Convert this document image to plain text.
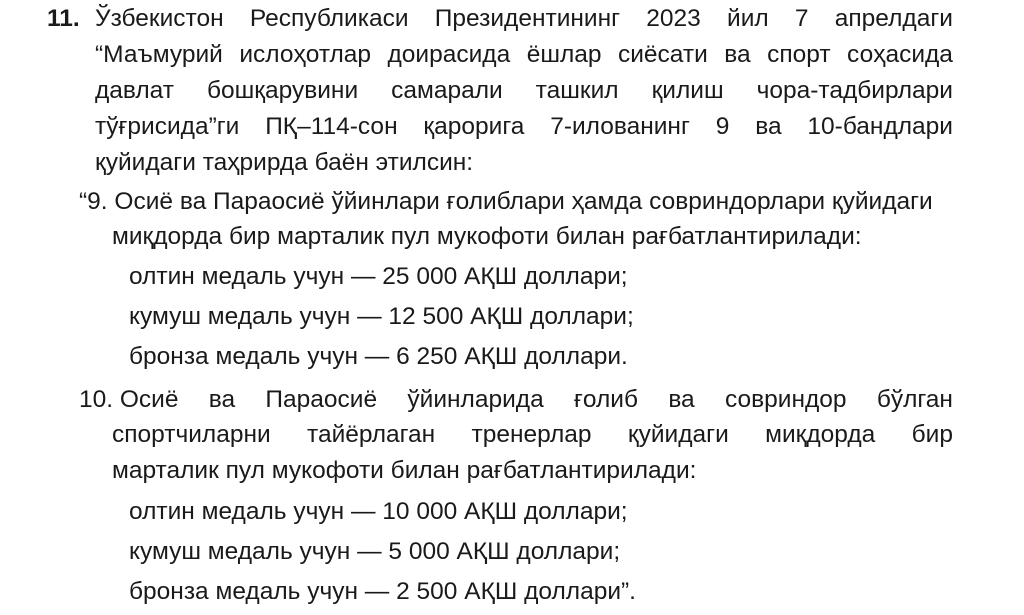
11. Ўзбекистон Республикаси Президентининг 2023 йил 7 апрелдаги
“Маъмурий ислоҳотлар доирасида ёшлар сиёсати ва спорт соҳасида
давлат бошқарувини самарали ташкил қилиш чора-тадбирлари
тўғрисида”ги ПҚ–114-сон қарорига 7-илованинг 9 ва 10-бандлари
қуйидаги таҳрирда баён этилсин:
“9. Осиё ва Параосиё ўйинлари ғолиблари ҳамда совриндорлари қуйидаги
миқдорда бир марталик пул мукофоти билан рағбатлантирилади:
олтин медаль учун — 25 000 АҚШ доллари;
кумуш медаль учун — 12 500 АҚШ доллари;
бронза медаль учун — 6 250 АҚШ доллари.
10. Осиё ва Параосиё ўйинларида ғолиб ва совриндор бўлган
спортчиларни тайёрлаган тренерлар қуйидаги миқдорда бир
марталик пул мукофоти билан рағбатлантирилади:
олтин медаль учун — 10 000 АҚШ доллари;
кумуш медаль учун — 5 000 АҚШ доллари;
бронза медаль учун — 2 500 АҚШ доллари”.
